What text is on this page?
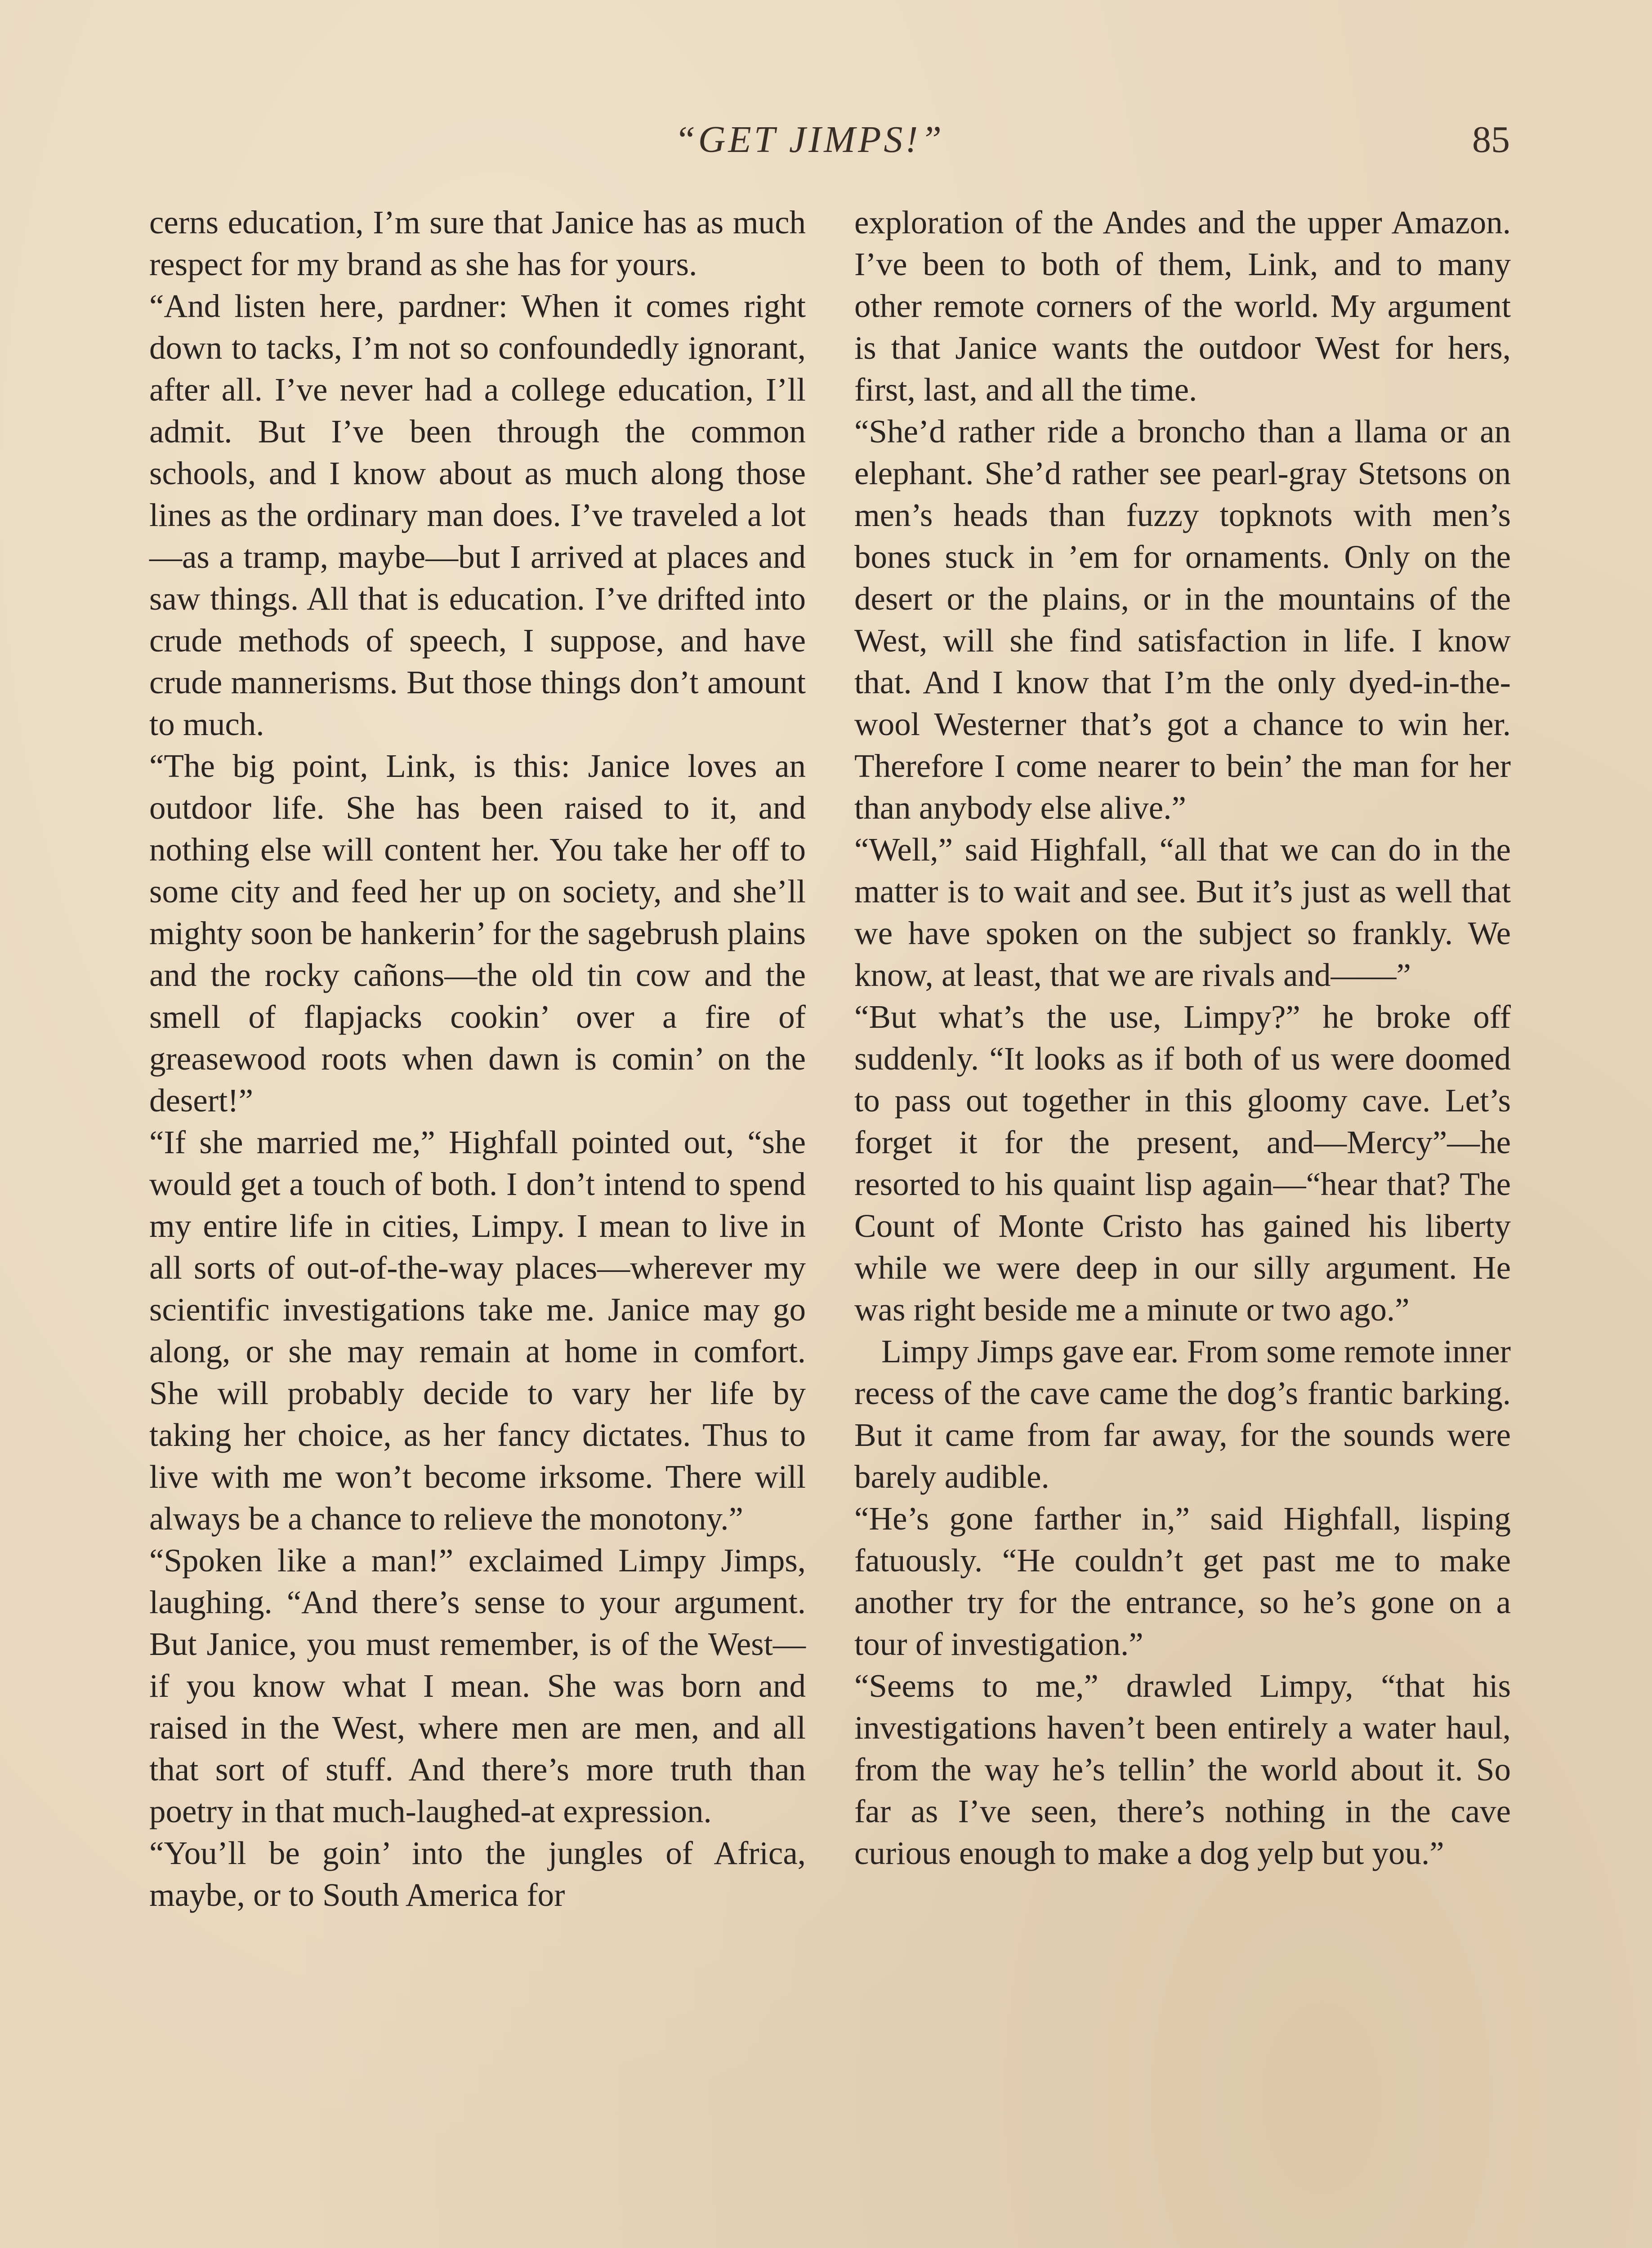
“GET JIMPS!”	85

cerns education, I’m sure that Janice has as much respect for my brand as she has for yours.

“And listen here, pardner: When it comes right down to tacks, I’m not so confoundedly ignorant, after all. I’ve never had a college education, I’ll admit. But I’ve been through the common schools, and I know about as much along those lines as the ordinary man does. I’ve traveled a lot—as a tramp, maybe—but I arrived at places and saw things. All that is education. I’ve drifted into crude methods of speech, I suppose, and have crude mannerisms. But those things don’t amount to much.

“The big point, Link, is this: Janice loves an outdoor life. She has been raised to it, and nothing else will content her. You take her off to some city and feed her up on society, and she’ll mighty soon be hankerin’ for the sagebrush plains and the rocky cañons—the old tin cow and the smell of flapjacks cookin’ over a fire of greasewood roots when dawn is comin’ on the desert!”

“If she married me,” Highfall pointed out, “she would get a touch of both. I don’t intend to spend my entire life in cities, Limpy. I mean to live in all sorts of out-of-the-way places—wherever my scientific investigations take me. Janice may go along, or she may remain at home in comfort. She will probably decide to vary her life by taking her choice, as her fancy dictates. Thus to live with me won’t become irksome. There will always be a chance to relieve the monotony.”

“Spoken like a man!” exclaimed Limpy Jimps, laughing. “And there’s sense to your argument. But Janice, you must remember, is of the West—if you know what I mean. She was born and raised in the West, where men are men, and all that sort of stuff. And there’s more truth than poetry in that much-laughed-at expression.

“You’ll be goin’ into the jungles of Africa, maybe, or to South America for

exploration of the Andes and the upper Amazon. I’ve been to both of them, Link, and to many other remote corners of the world. My argument is that Janice wants the outdoor West for hers, first, last, and all the time.

“She’d rather ride a broncho than a llama or an elephant. She’d rather see pearl-gray Stetsons on men’s heads than fuzzy topknots with men’s bones stuck in ’em for ornaments. Only on the desert or the plains, or in the mountains of the West, will she find satisfaction in life. I know that. And I know that I’m the only dyed-in-the-wool Westerner that’s got a chance to win her. Therefore I come nearer to bein’ the man for her than anybody else alive.”

“Well,” said Highfall, “all that we can do in the matter is to wait and see. But it’s just as well that we have spoken on the subject so frankly. We know, at least, that we are rivals and——”

“But what’s the use, Limpy?” he broke off suddenly. “It looks as if both of us were doomed to pass out together in this gloomy cave. Let’s forget it for the present, and—Mercy”—he resorted to his quaint lisp again—“hear that? The Count of Monte Cristo has gained his liberty while we were deep in our silly argument. He was right beside me a minute or two ago.”

Limpy Jimps gave ear. From some remote inner recess of the cave came the dog’s frantic barking. But it came from far away, for the sounds were barely audible.

“He’s gone farther in,” said Highfall, lisping fatuously. “He couldn’t get past me to make another try for the entrance, so he’s gone on a tour of investigation.”

“Seems to me,” drawled Limpy, “that his investigations haven’t been entirely a water haul, from the way he’s tellin’ the world about it. So far as I’ve seen, there’s nothing in the cave curious enough to make a dog yelp but you.”
